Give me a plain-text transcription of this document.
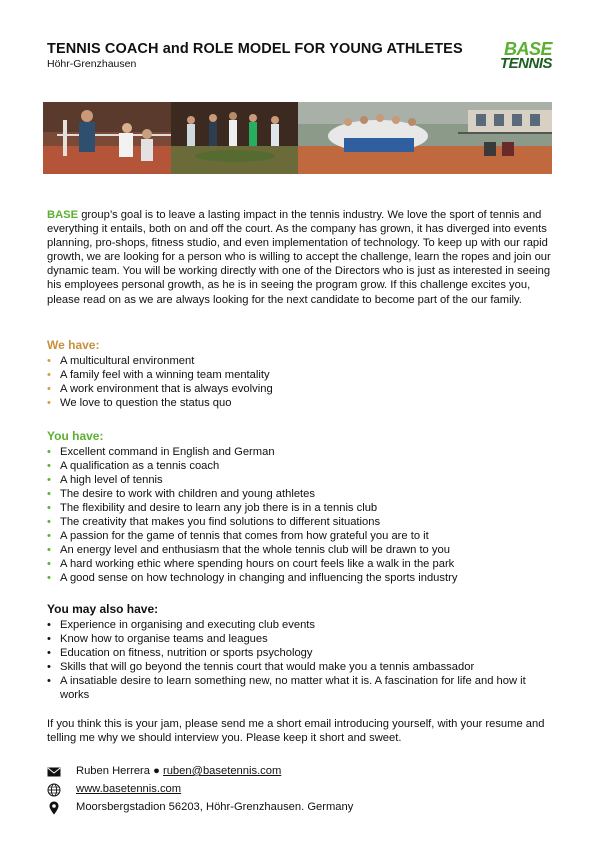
TENNIS COACH and ROLE MODEL FOR YOUNG ATHLETES

Höhr-Grenzhausen

BASE
TENNIS

BASE group’s goal is to leave a lasting impact in the tennis industry. We love the sport of tennis and everything it entails, both on and off the court. As the company has grown, it has diverged into events planning, pro-shops, fitness studio, and even implementation of technology. To keep up with our rapid growth, we are looking for a person who is willing to accept the challenge, learn the ropes and join our dynamic team. You will be working directly with one of the Directors who is just as interested in seeing his employees personal growth, as he is in seeing the program grow. If this challenge excites you, please read on as we are always looking for the next candidate to become part of the our family.

We have:
• A multicultural environment
• A family feel with a winning team mentality
• A work environment that is always evolving
• We love to question the status quo
You have:
• Excellent command in English and German
• A qualification as a tennis coach
• A high level of tennis
• The desire to work with children and young athletes
• The flexibility and desire to learn any job there is in a tennis club
• The creativity that makes you find solutions to different situations
• A passion for the game of tennis that comes from how grateful you are to it
• An energy level and enthusiasm that the whole tennis club will be drawn to you
• A hard working ethic where spending hours on court feels like a walk in the park
• A good sense on how technology in changing and influencing the sports industry
You may also have:
• Experience in organising and executing club events
• Know how to organise teams and leagues
• Education on fitness, nutrition or sports psychology
• Skills that will go beyond the tennis court that would make you a tennis ambassador
• A insatiable desire to learn something new, no matter what it is. A fascination for life and how it works

If you think this is your jam, please send me a short email introducing yourself, with your resume and telling me why we should interview you. Please keep it short and sweet.

Ruben Herrera ● ruben@basetennis.com
www.basetennis.com
Moorsbergstadion 56203, Höhr-Grenzhausen. Germany
